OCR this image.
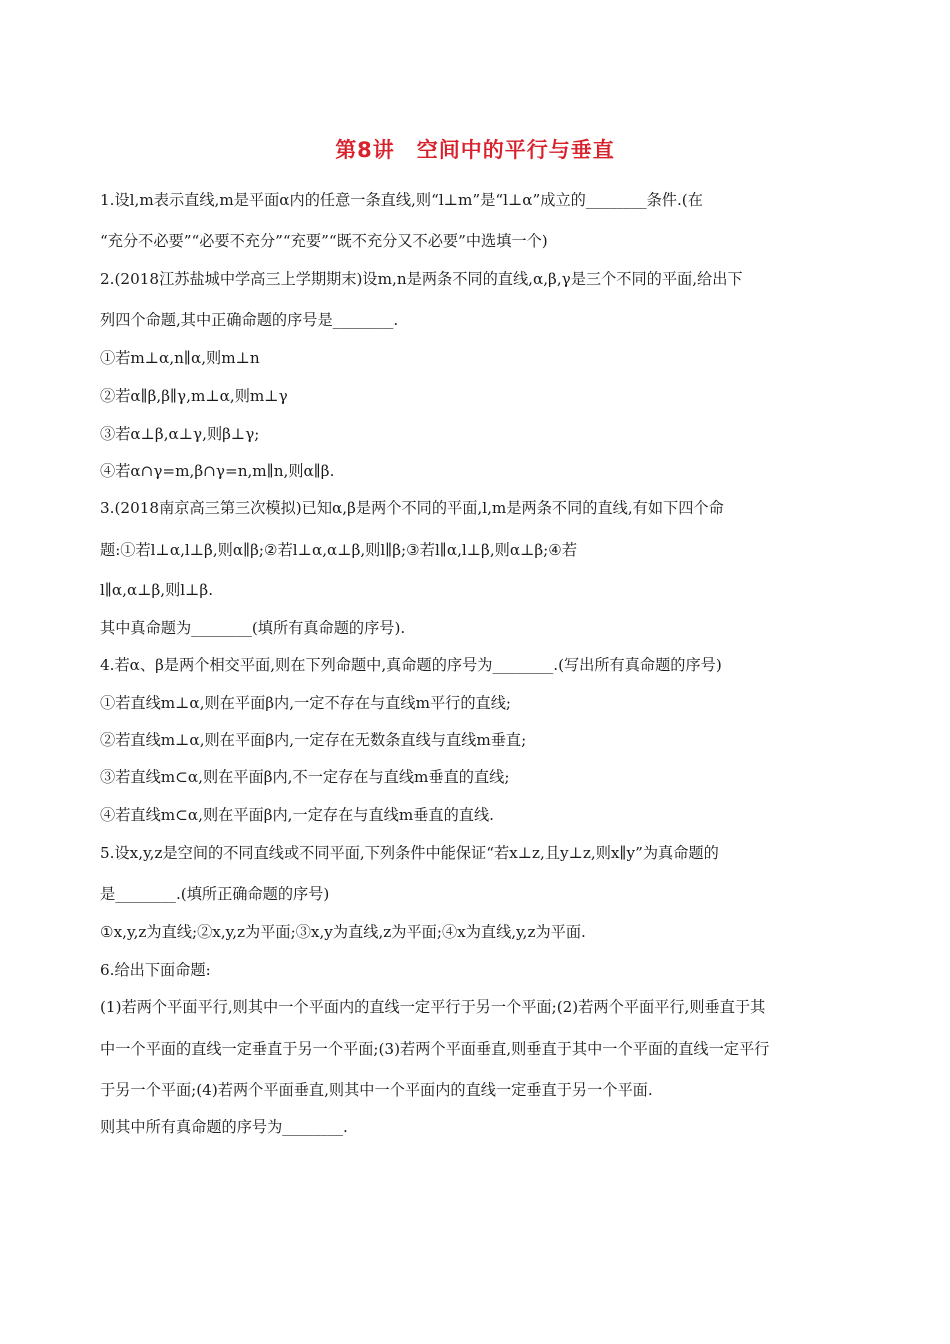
第8讲　空间中的平行与垂直
1.设l,m表示直线,m是平面α内的任意一条直线,则“l⊥m”是“l⊥α”成立的________条件.(在
“充分不必要”“必要不充分”“充要”“既不充分又不必要”中选填一个)
2.(2018江苏盐城中学高三上学期期末)设m,n是两条不同的直线,α,β,γ是三个不同的平面,给出下
列四个命题,其中正确命题的序号是________.
①若m⊥α,n∥α,则m⊥n
②若α∥β,β∥γ,m⊥α,则m⊥γ
③若α⊥β,α⊥γ,则β⊥γ;
④若α∩γ=m,β∩γ=n,m∥n,则α∥β.
3.(2018南京高三第三次模拟)已知α,β是两个不同的平面,l,m是两条不同的直线,有如下四个命
题:①若l⊥α,l⊥β,则α∥β;②若l⊥α,α⊥β,则l∥β;③若l∥α,l⊥β,则α⊥β;④若
l∥α,α⊥β,则l⊥β.
其中真命题为________(填所有真命题的序号).
4.若α、β是两个相交平面,则在下列命题中,真命题的序号为________.(写出所有真命题的序号)
①若直线m⊥α,则在平面β内,一定不存在与直线m平行的直线;
②若直线m⊥α,则在平面β内,一定存在无数条直线与直线m垂直;
③若直线m⊂α,则在平面β内,不一定存在与直线m垂直的直线;
④若直线m⊂α,则在平面β内,一定存在与直线m垂直的直线.
5.设x,y,z是空间的不同直线或不同平面,下列条件中能保证“若x⊥z,且y⊥z,则x∥y”为真命题的
是________.(填所正确命题的序号)
①x,y,z为直线;②x,y,z为平面;③x,y为直线,z为平面;④x为直线,y,z为平面.
6.给出下面命题:
(1)若两个平面平行,则其中一个平面内的直线一定平行于另一个平面;(2)若两个平面平行,则垂直于其
中一个平面的直线一定垂直于另一个平面;(3)若两个平面垂直,则垂直于其中一个平面的直线一定平行
于另一个平面;(4)若两个平面垂直,则其中一个平面内的直线一定垂直于另一个平面.
则其中所有真命题的序号为________.
